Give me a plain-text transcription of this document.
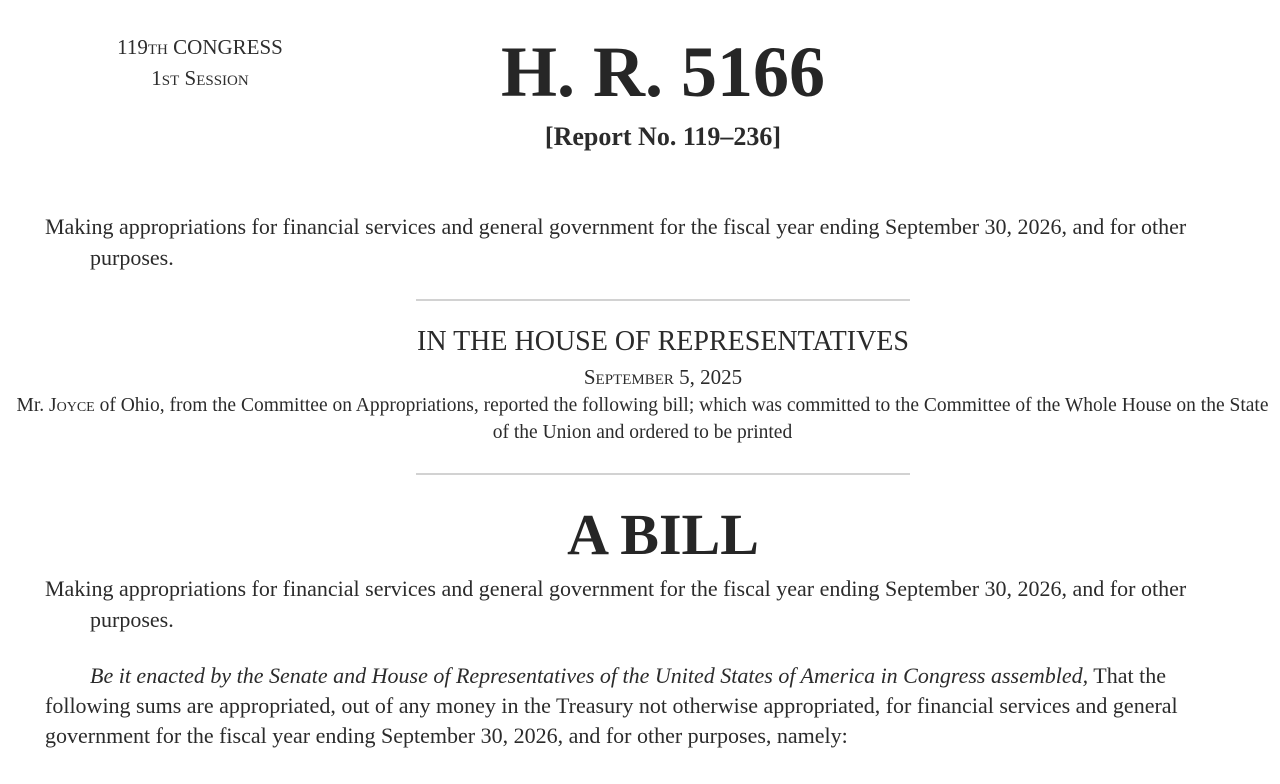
119th CONGRESS
1st Session	H. R. 5166
[Report No. 119–236]
Making appropriations for financial services and general government for the fiscal year ending September 30, 2026, and for other
purposes.
IN THE HOUSE OF REPRESENTATIVES
September 5, 2025
Mr. Joyce of Ohio, from the Committee on Appropriations, reported the following bill; which was committed to the Committee of the Whole House on the State of the Union and ordered to be printed
A BILL
Making appropriations for financial services and general government for the fiscal year ending September 30, 2026, and for other
purposes.
Be it enacted by the Senate and House of Representatives of the United States of America in Congress assembled, That the following sums are appropriated, out of any money in the Treasury not otherwise appropriated, for financial services and general government for the fiscal year ending September 30, 2026, and for other purposes, namely:
